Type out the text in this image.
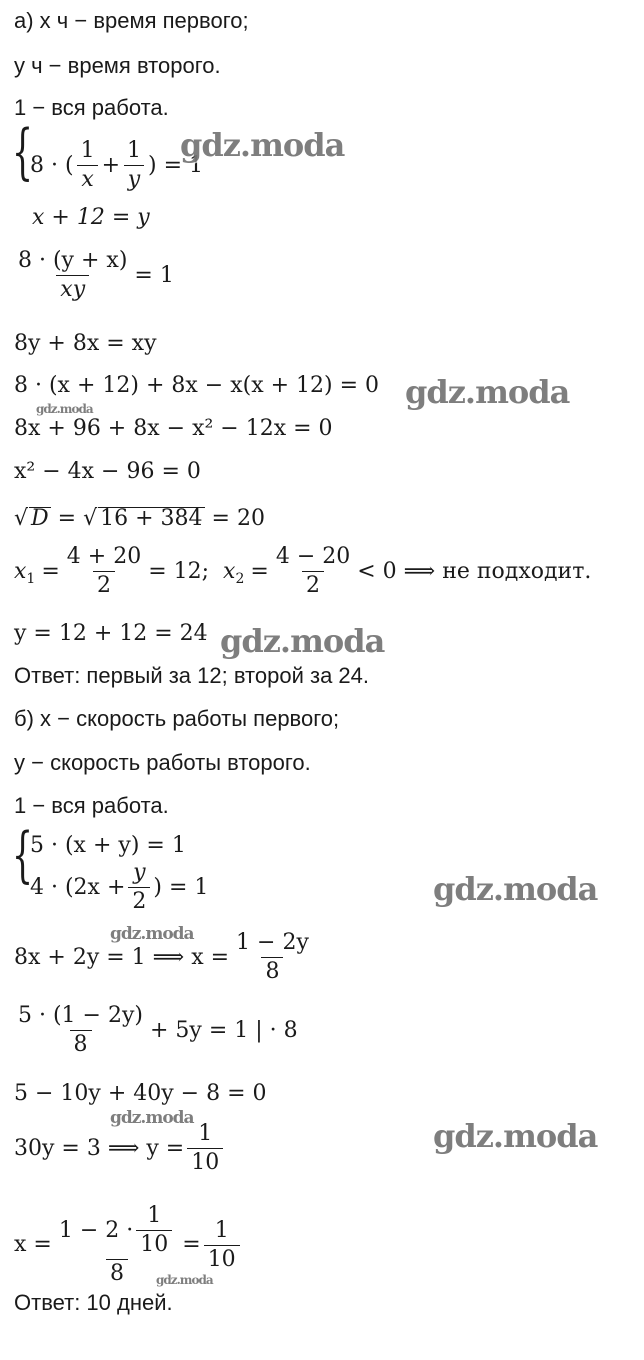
а) x ч − время первого;
y ч − время второго.
1 − вся работа.
{
8 · ( $\frac{1}{x} + \frac{1}{y}$ ) = 1
x + 12 = y
$\frac{8 \cdot (y + x)}{xy} = 1$
8y + 8x = xy
8 · (x + 12) + 8x − x(x + 12) = 0
8x + 96 + 8x − x² − 12x = 0
x² − 4x − 96 = 0
√ D = √ 16 + 384 = 20
$x_1 = \frac{4 + 20}{2} = 12$; $x_2 = \frac{4 - 20}{2} < 0$ ⟹ не подходит.
y = 12 + 12 = 24
Ответ: первый за 12; второй за 24.
б) x − скорость работы первого;
y − скорость работы второго.
1 − вся работа.
{
5 · (x + y) = 1
$4 \cdot (2x + \frac{y}{2}$ ) = 1
8x + 2y = 1 ⟹ $x = \frac{1 - 2y}{8}$
$\frac{5 \cdot (1 - 2y)}{8} + 5y = 1$ | · 8
5 − 10y + 40y − 8 = 0
30y = 3 ⟹ $y = \frac{1}{10}$
$x = \frac{1 - 2 \cdot \frac{1}{10}}{8} = \frac{1}{10}$
Ответ: 10 дней.
gdz.moda
gdz.moda
gdz.moda
gdz.moda
gdz.moda
gdz.moda
gdz.moda	gdz.moda
gdz.moda
